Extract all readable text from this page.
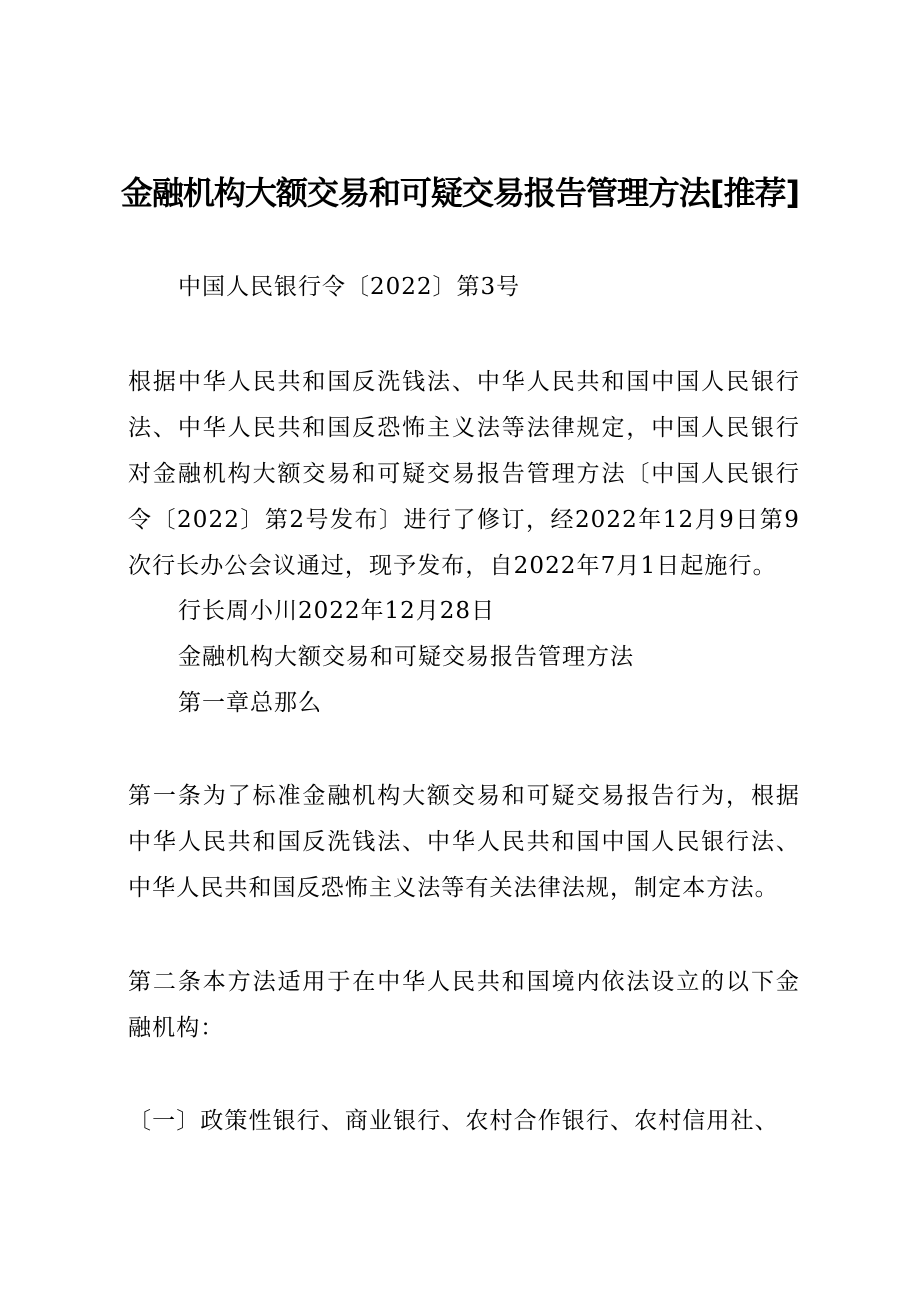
金融机构大额交易和可疑交易报告管理方法[推荐]
中国人民银行令〔2022〕第3号
根据中华人民共和国反洗钱法、中华人民共和国中国人民银行法、中华人民共和国反恐怖主义法等法律规定，中国人民银行对金融机构大额交易和可疑交易报告管理方法〔中国人民银行令〔2022〕第2号发布〕进行了修订，经2022年12月9日第9次行长办公会议通过，现予发布，自2022年7月1日起施行。
行长周小川2022年12月28日
金融机构大额交易和可疑交易报告管理方法
第一章总那么
第一条为了标准金融机构大额交易和可疑交易报告行为，根据中华人民共和国反洗钱法、中华人民共和国中国人民银行法、中华人民共和国反恐怖主义法等有关法律法规，制定本方法。
第二条本方法适用于在中华人民共和国境内依法设立的以下金融机构：
〔一〕政策性银行、商业银行、农村合作银行、农村信用社、
